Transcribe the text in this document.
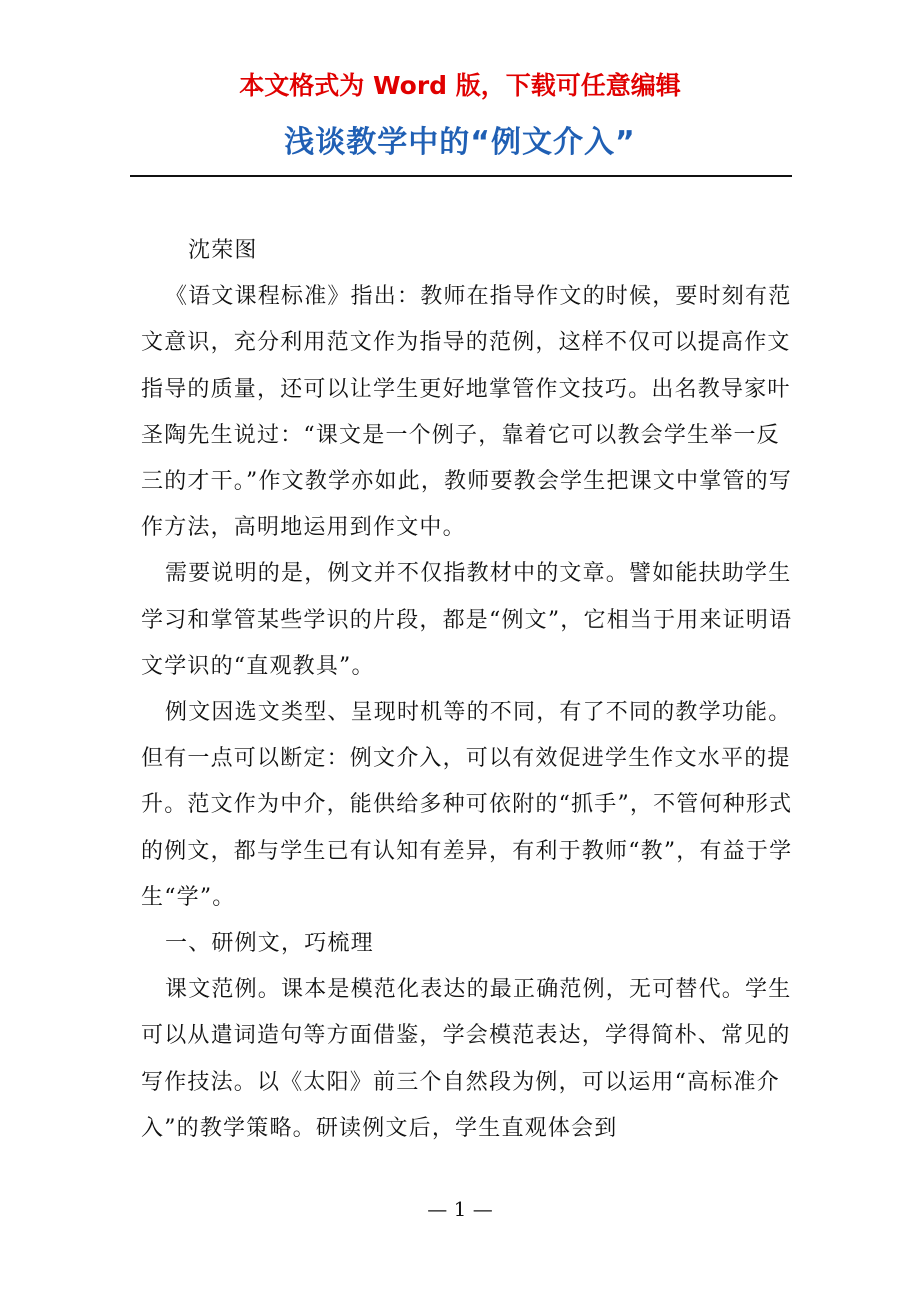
本文格式为 Word 版，下载可任意编辑
浅谈教学中的“例文介入”

沈荣图

《语文课程标准》指出：教师在指导作文的时候，要时刻有范文意识，充分利用范文作为指导的范例，这样不仅可以提高作文指导的质量，还可以让学生更好地掌管作文技巧。出名教导家叶圣陶先生说过：“课文是一个例子，靠着它可以教会学生举一反三的才干。”作文教学亦如此，教师要教会学生把课文中掌管的写作方法，高明地运用到作文中。

需要说明的是，例文并不仅指教材中的文章。譬如能扶助学生学习和掌管某些学识的片段，都是“例文”，它相当于用来证明语文学识的“直观教具”。

例文因选文类型、呈现时机等的不同，有了不同的教学功能。但有一点可以断定：例文介入，可以有效促进学生作文水平的提升。范文作为中介，能供给多种可依附的“抓手”，不管何种形式的例文，都与学生已有认知有差异，有利于教师“教”，有益于学生“学”。

一、研例文，巧梳理

课文范例。课本是模范化表达的最正确范例，无可替代。学生可以从遣词造句等方面借鉴，学会模范表达，学得简朴、常见的写作技法。以《太阳》前三个自然段为例，可以运用“高标准介入”的教学策略。研读例文后，学生直观体会到

— 1 —
